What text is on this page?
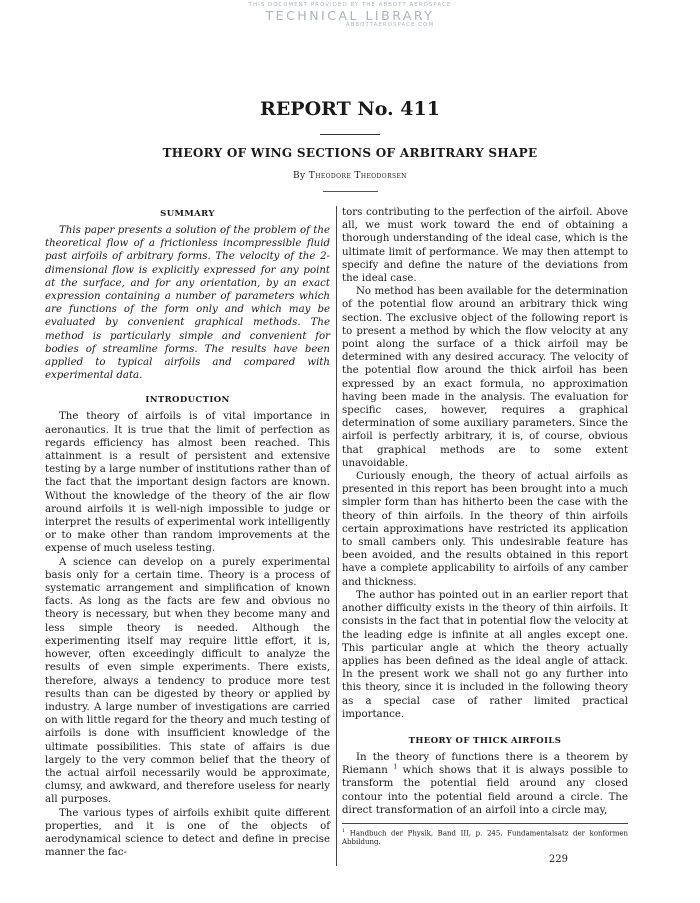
THIS DOCUMENT PROVIDED BY THE ABBOTT AEROSPACE
TECHNICAL LIBRARY
ABBOTTAEROSPACE.COM
REPORT No. 411
THEORY OF WING SECTIONS OF ARBITRARY SHAPE
By Theodore Theodorsen
SUMMARY

This paper presents a solution of the problem of the theoretical flow of a frictionless incompressible fluid past airfoils of arbitrary forms. The velocity of the 2-dimensional flow is explicitly expressed for any point at the surface, and for any orientation, by an exact expression containing a number of parameters which are functions of the form only and which may be evaluated by convenient graphical methods. The method is particularly simple and convenient for bodies of streamline forms. The results have been applied to typical airfoils and compared with experimental data.

INTRODUCTION

The theory of airfoils is of vital importance in aeronautics. It is true that the limit of perfection as regards efficiency has almost been reached. This attainment is a result of persistent and extensive testing by a large number of institutions rather than of the fact that the important design factors are known. Without the knowledge of the theory of the air flow around airfoils it is well-nigh impossible to judge or interpret the results of experimental work intelligently or to make other than random improvements at the expense of much useless testing.

A science can develop on a purely experimental basis only for a certain time. Theory is a process of systematic arrangement and simplification of known facts. As long as the facts are few and obvious no theory is necessary, but when they become many and less simple theory is needed. Although the experimenting itself may require little effort, it is, however, often exceedingly difficult to analyze the results of even simple experiments. There exists, therefore, always a tendency to produce more test results than can be digested by theory or applied by industry. A large number of investigations are carried on with little regard for the theory and much testing of airfoils is done with insufficient knowledge of the ultimate possibilities. This state of affairs is due largely to the very common belief that the theory of the actual airfoil necessarily would be approximate, clumsy, and awkward, and therefore useless for nearly all purposes.

The various types of airfoils exhibit quite different properties, and it is one of the objects of aerodynamical science to detect and define in precise manner the fac-

tors contributing to the perfection of the airfoil. Above all, we must work toward the end of obtaining a thorough understanding of the ideal case, which is the ultimate limit of performance. We may then attempt to specify and define the nature of the deviations from the ideal case.

No method has been available for the determination of the potential flow around an arbitrary thick wing section. The exclusive object of the following report is to present a method by which the flow velocity at any point along the surface of a thick airfoil may be determined with any desired accuracy. The velocity of the potential flow around the thick airfoil has been expressed by an exact formula, no approximation having been made in the analysis. The evaluation for specific cases, however, requires a graphical determination of some auxiliary parameters. Since the airfoil is perfectly arbitrary, it is, of course, obvious that graphical methods are to some extent unavoidable.

Curiously enough, the theory of actual airfoils as presented in this report has been brought into a much simpler form than has hitherto been the case with the theory of thin airfoils. In the theory of thin airfoils certain approximations have restricted its application to small cambers only. This undesirable feature has been avoided, and the results obtained in this report have a complete applicability to airfoils of any camber and thickness.

The author has pointed out in an earlier report that another difficulty exists in the theory of thin airfoils. It consists in the fact that in potential flow the velocity at the leading edge is infinite at all angles except one. This particular angle at which the theory actually applies has been defined as the ideal angle of attack. In the present work we shall not go any further into this theory, since it is included in the following theory as a special case of rather limited practical importance.

THEORY OF THICK AIRFOILS

In the theory of functions there is a theorem by Riemann $^1$ which shows that it is always possible to transform the potential field around any closed contour into the potential field around a circle. The direct transformation of an airfoil into a circle may,

$^1$ Handbuch der Physik, Band III, p. 245, Fundamentalsatz der konformen Abbildung.
229
